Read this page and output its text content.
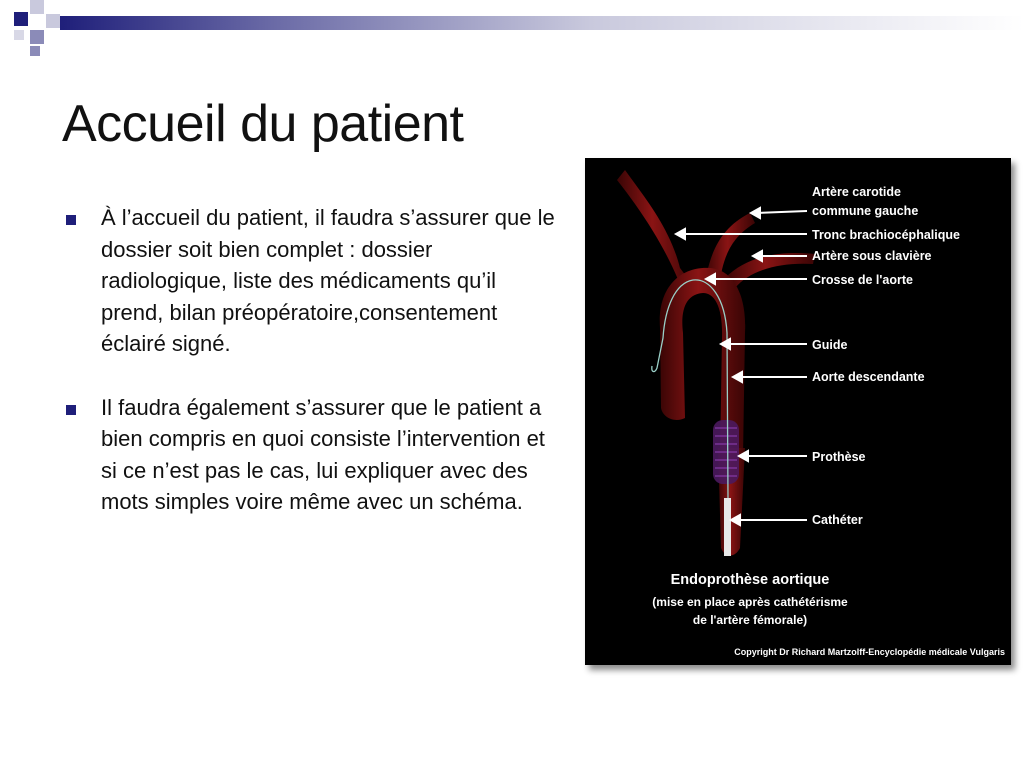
Accueil du patient
À l’accueil du patient, il faudra s’assurer que le dossier soit bien complet : dossier radiologique, liste des médicaments qu’il prend, bilan préopératoire,consentement éclairé signé.
Il faudra également s’assurer que le patient a bien compris en quoi consiste l’intervention et si ce n’est pas le cas, lui expliquer avec des mots simples voire même avec un schéma.
Artère carotide
commune gauche
Tronc brachiocéphalique
Artère sous clavière
Crosse de l'aorte
Guide
Aorte descendante
Prothèse
Cathéter
Endoprothèse aortique
(mise en place après cathétérisme
de l'artère fémorale)
Copyright Dr Richard Martzolff-Encyclopédie médicale Vulgaris
